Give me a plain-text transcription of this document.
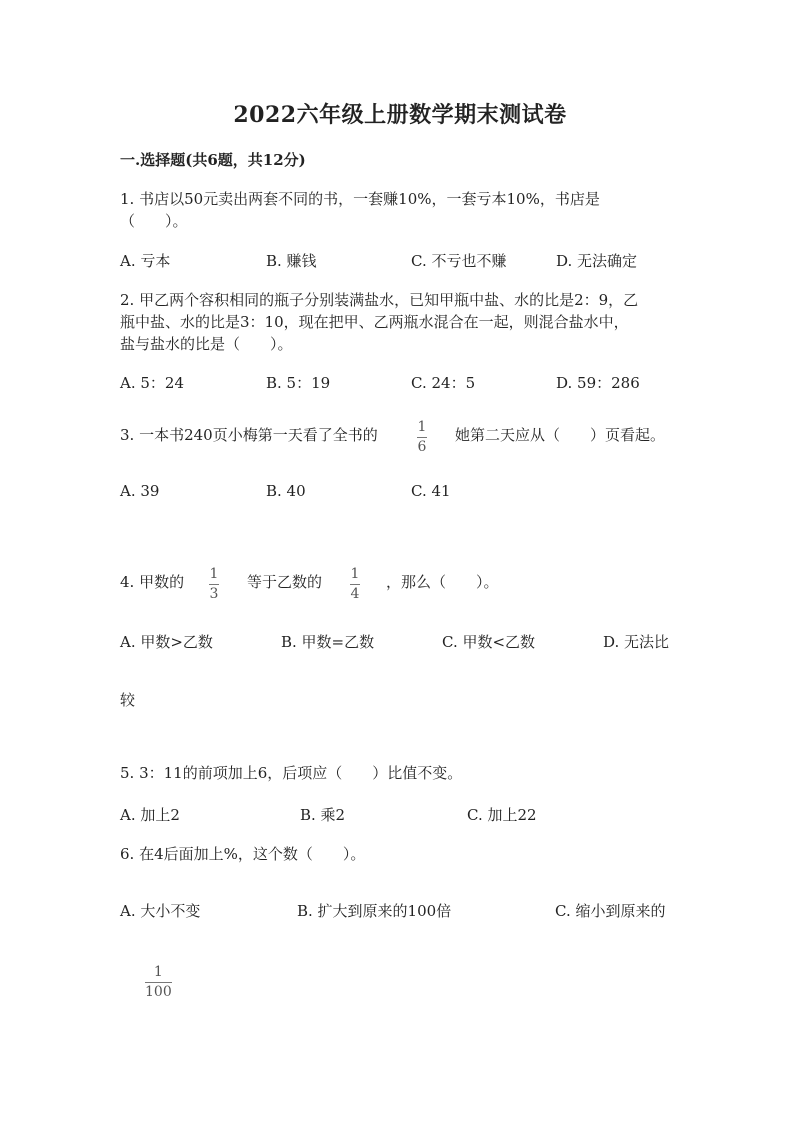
2022六年级上册数学期末测试卷
一.选择题(共6题，共12分)
1. 书店以50元卖出两套不同的书，一套赚10%，一套亏本10%，书店是
（　　）。
A. 亏本	B. 赚钱	C. 不亏也不赚	D. 无法确定
2. 甲乙两个容积相同的瓶子分别装满盐水，已知甲瓶中盐、水的比是2：9，乙
瓶中盐、水的比是3：10，现在把甲、乙两瓶水混合在一起，则混合盐水中，
盐与盐水的比是（　　）。
A. 5：24	B. 5：19	C. 24：5	D. 59：286
3. 一本书240页小梅第一天看了全书的	1
6
她第二天应从（　　）页看起。
A. 39	B. 40	C. 41
4. 甲数的 1
3
等于乙数的 1
4
，那么（　　）。
A. 甲数>乙数	B. 甲数=乙数	C. 甲数<乙数	D. 无法比
较
5. 3：11的前项加上6，后项应（　　）比值不变。
A. 加上2	B. 乘2	C. 加上22
6. 在4后面加上%，这个数（　　）。
A. 大小不变	B. 扩大到原来的100倍	C. 缩小到原来的
1
100
